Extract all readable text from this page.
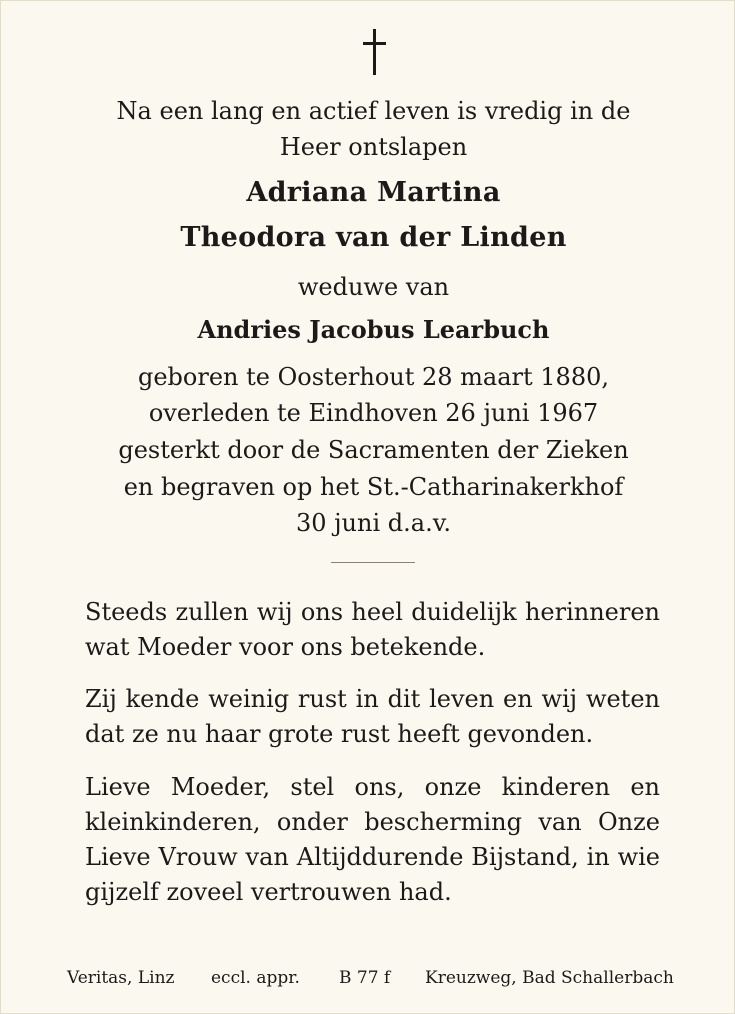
Na een lang en actief leven is vredig in de
Heer ontslapen
Adriana Martina
Theodora van der Linden
weduwe van
Andries Jacobus Learbuch
geboren te Oosterhout 28 maart 1880,
overleden te Eindhoven 26 juni 1967
gesterkt door de Sacramenten der Zieken
en begraven op het St.-Catharinakerkhof
30 juni d.a.v.
Steeds zullen wij ons heel duidelijk herinneren wat Moeder voor ons betekende.
Zij kende weinig rust in dit leven en wij weten dat ze nu haar grote rust heeft gevonden.
Lieve Moeder, stel ons, onze kinderen en kleinkinderen, onder bescherming van Onze Lieve Vrouw van Altijddurende Bijstand, in wie gijzelf zoveel vertrouwen had.
Veritas, Linz eccl. appr. B 77 f Kreuzweg, Bad Schallerbach
